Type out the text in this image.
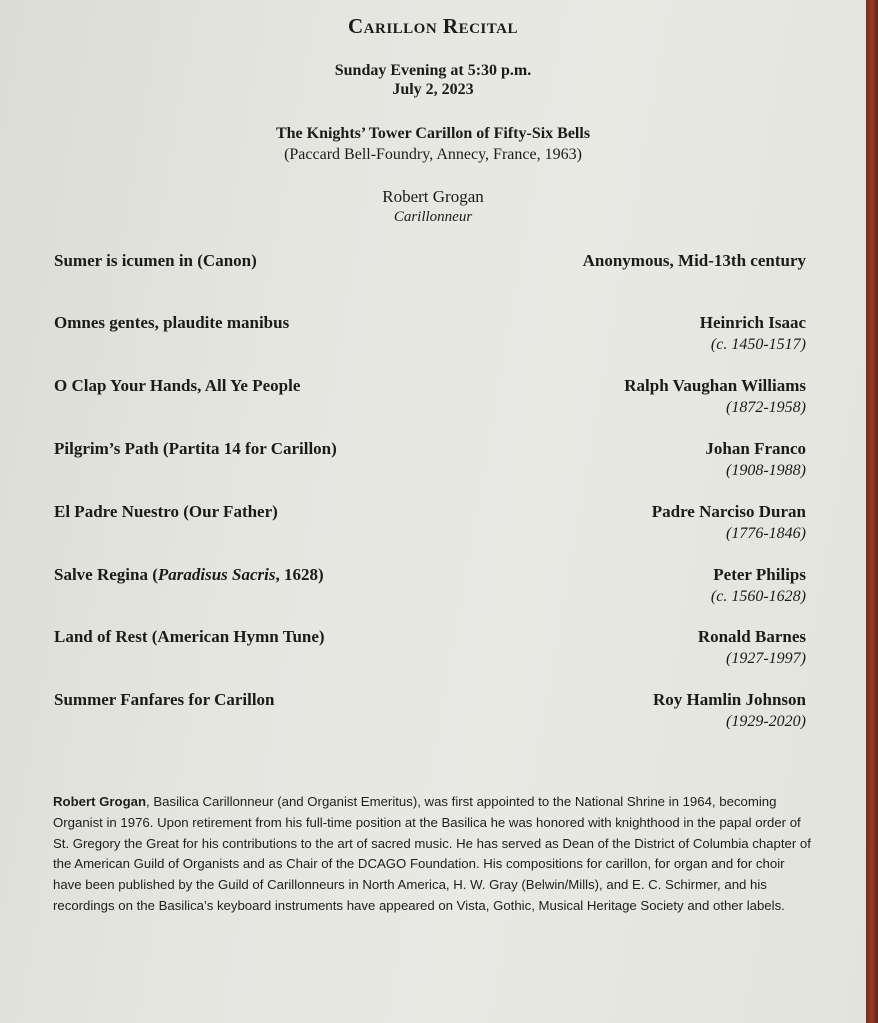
Carillon Recital
Sunday Evening at 5:30 p.m.
July 2, 2023
The Knights’ Tower Carillon of Fifty-Six Bells
(Paccard Bell-Foundry, Annecy, France, 1963)
Robert Grogan
Carillonneur
Sumer is icumen in (Canon)	Anonymous, Mid-13th century
Omnes gentes, plaudite manibus	Heinrich Isaac
(c. 1450-1517)
O Clap Your Hands, All Ye People	Ralph Vaughan Williams
(1872-1958)
Pilgrim’s Path (Partita 14 for Carillon)	Johan Franco
(1908-1988)
El Padre Nuestro (Our Father)	Padre Narciso Duran
(1776-1846)
Salve Regina (Paradisus Sacris, 1628)	Peter Philips
(c. 1560-1628)
Land of Rest (American Hymn Tune)	Ronald Barnes
(1927-1997)
Summer Fanfares for Carillon	Roy Hamlin Johnson
(1929-2020)
Robert Grogan, Basilica Carillonneur (and Organist Emeritus), was first appointed to the National Shrine in 1964, becoming Organist in 1976. Upon retirement from his full-time position at the Basilica he was honored with knighthood in the papal order of St. Gregory the Great for his contributions to the art of sacred music. He has served as Dean of the District of Columbia chapter of the American Guild of Organists and as Chair of the DCAGO Foundation. His compositions for carillon, for organ and for choir have been published by the Guild of Carillonneurs in North America, H. W. Gray (Belwin/Mills), and E. C. Schirmer, and his recordings on the Basilica’s keyboard instruments have appeared on Vista, Gothic, Musical Heritage Society and other labels.
